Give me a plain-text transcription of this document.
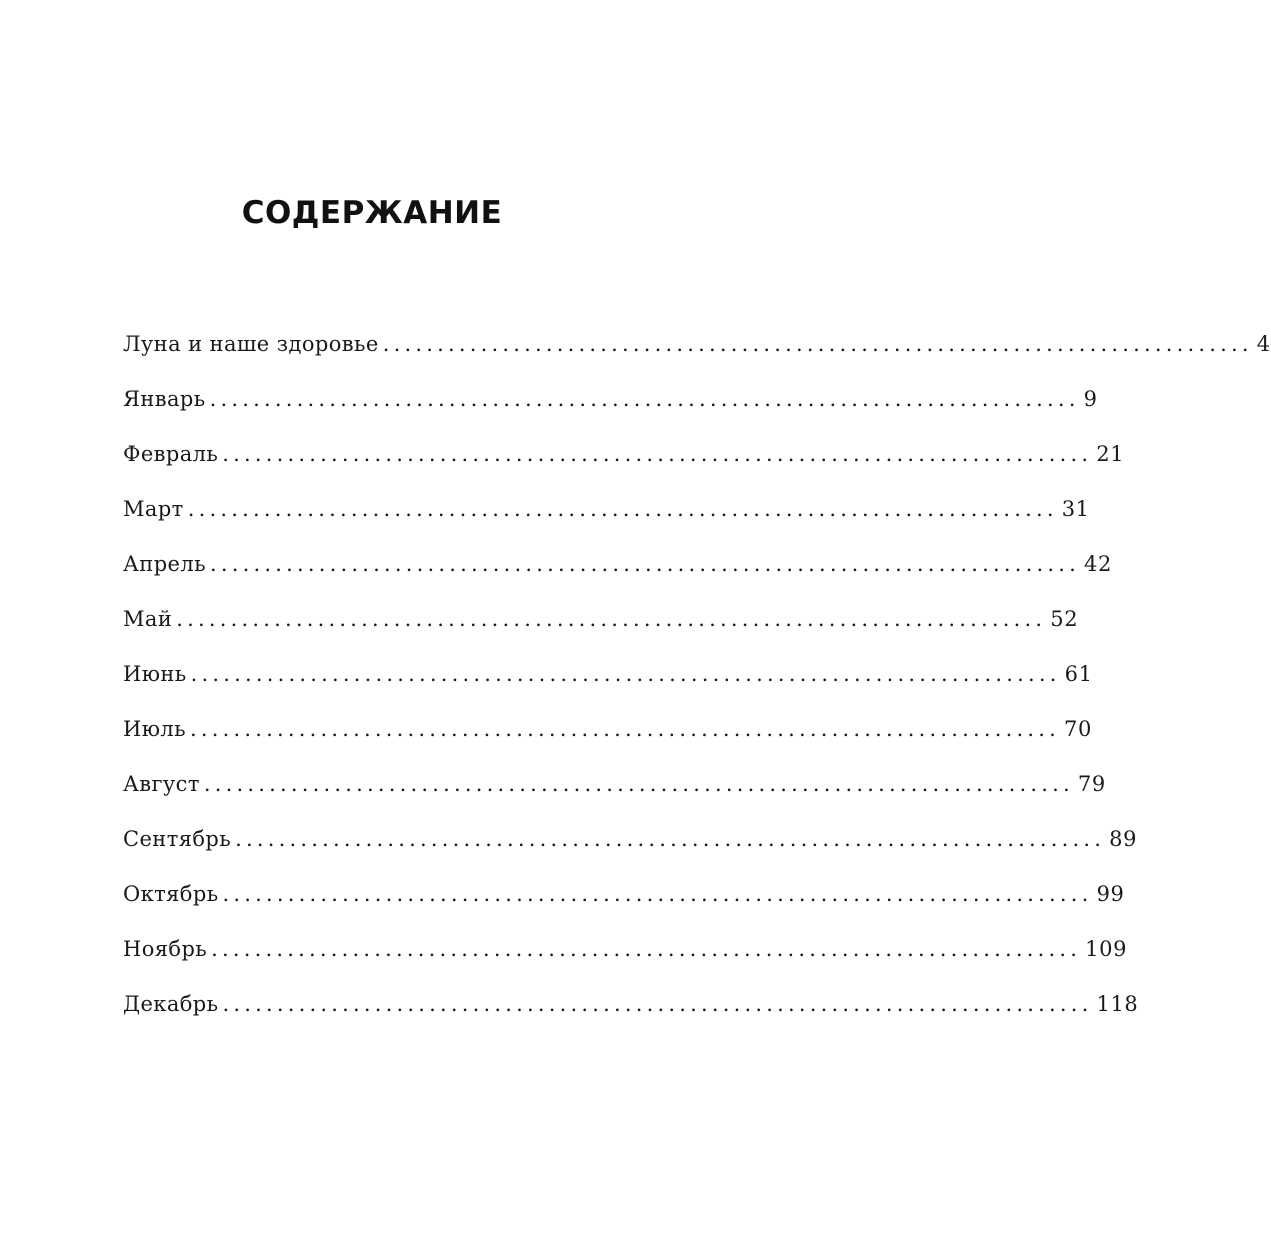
СОДЕРЖАНИЕ
Луна и наше здоровье ................................................................................ 4
Январь ................................................................................ 9
Февраль ................................................................................ 21
Март ................................................................................ 31
Апрель ................................................................................ 42
Май ................................................................................ 52
Июнь ................................................................................ 61
Июль ................................................................................ 70
Август ................................................................................ 79
Сентябрь ................................................................................ 89
Октябрь ................................................................................ 99
Ноябрь ................................................................................ 109
Декабрь ................................................................................ 118
